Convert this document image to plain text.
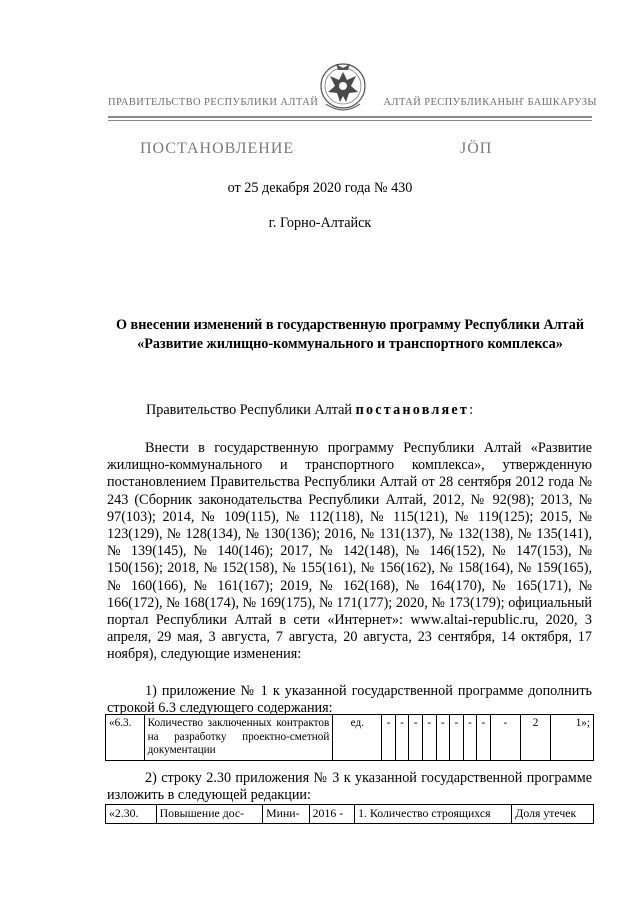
ПРАВИТЕЛЬСТВО РЕСПУБЛИКИ АЛТАЙ	АЛТАЙ РЕСПУБЛИКАНЫҤ БАШКАРУЗЫ
ПОСТАНОВЛЕНИЕ	JÖП
от 25 декабря 2020 года № 430
г. Горно-Алтайск
О внесении изменений в государственную программу Республики Алтай «Развитие жилищно-коммунального и транспортного комплекса»
Правительство Республики Алтай постановляет:

Внести в государственную программу Республики Алтай «Развитие жилищно-коммунального и транспортного комплекса», утвержденную постановлением Правительства Республики Алтай от 28 сентября 2012 года № 243 (Сборник законодательства Республики Алтай, 2012, № 92(98); 2013, № 97(103); 2014, № 109(115), № 112(118), № 115(121), № 119(125); 2015, № 123(129), № 128(134), № 130(136); 2016, № 131(137), № 132(138), № 135(141), № 139(145), № 140(146); 2017, № 142(148), № 146(152), № 147(153), № 150(156); 2018, № 152(158), № 155(161), № 156(162), № 158(164), № 159(165), № 160(166), № 161(167); 2019, № 162(168), № 164(170), № 165(171), № 166(172), № 168(174), № 169(175), № 171(177); 2020, № 173(179); официальный портал Республики Алтай в сети «Интернет»: www.altai-republic.ru, 2020, 3 апреля, 29 мая, 3 августа, 7 августа, 20 августа, 23 сентября, 14 октября, 17 ноября), следующие изменения:

1) приложение № 1 к указанной государственной программе дополнить строкой 6.3 следующего содержания:

«6.3.	Количество заключенных контрактов на разработку проектно-сметной документации	ед.	-	-	-	-	-	-	-	-	-	2	1»;

2) строку 2.30 приложения № 3 к указанной государственной программе изложить в следующей редакции:

«2.30.	Повышение дос-	Мини-	2016 -	1. Количество строящихся	Доля утечек
